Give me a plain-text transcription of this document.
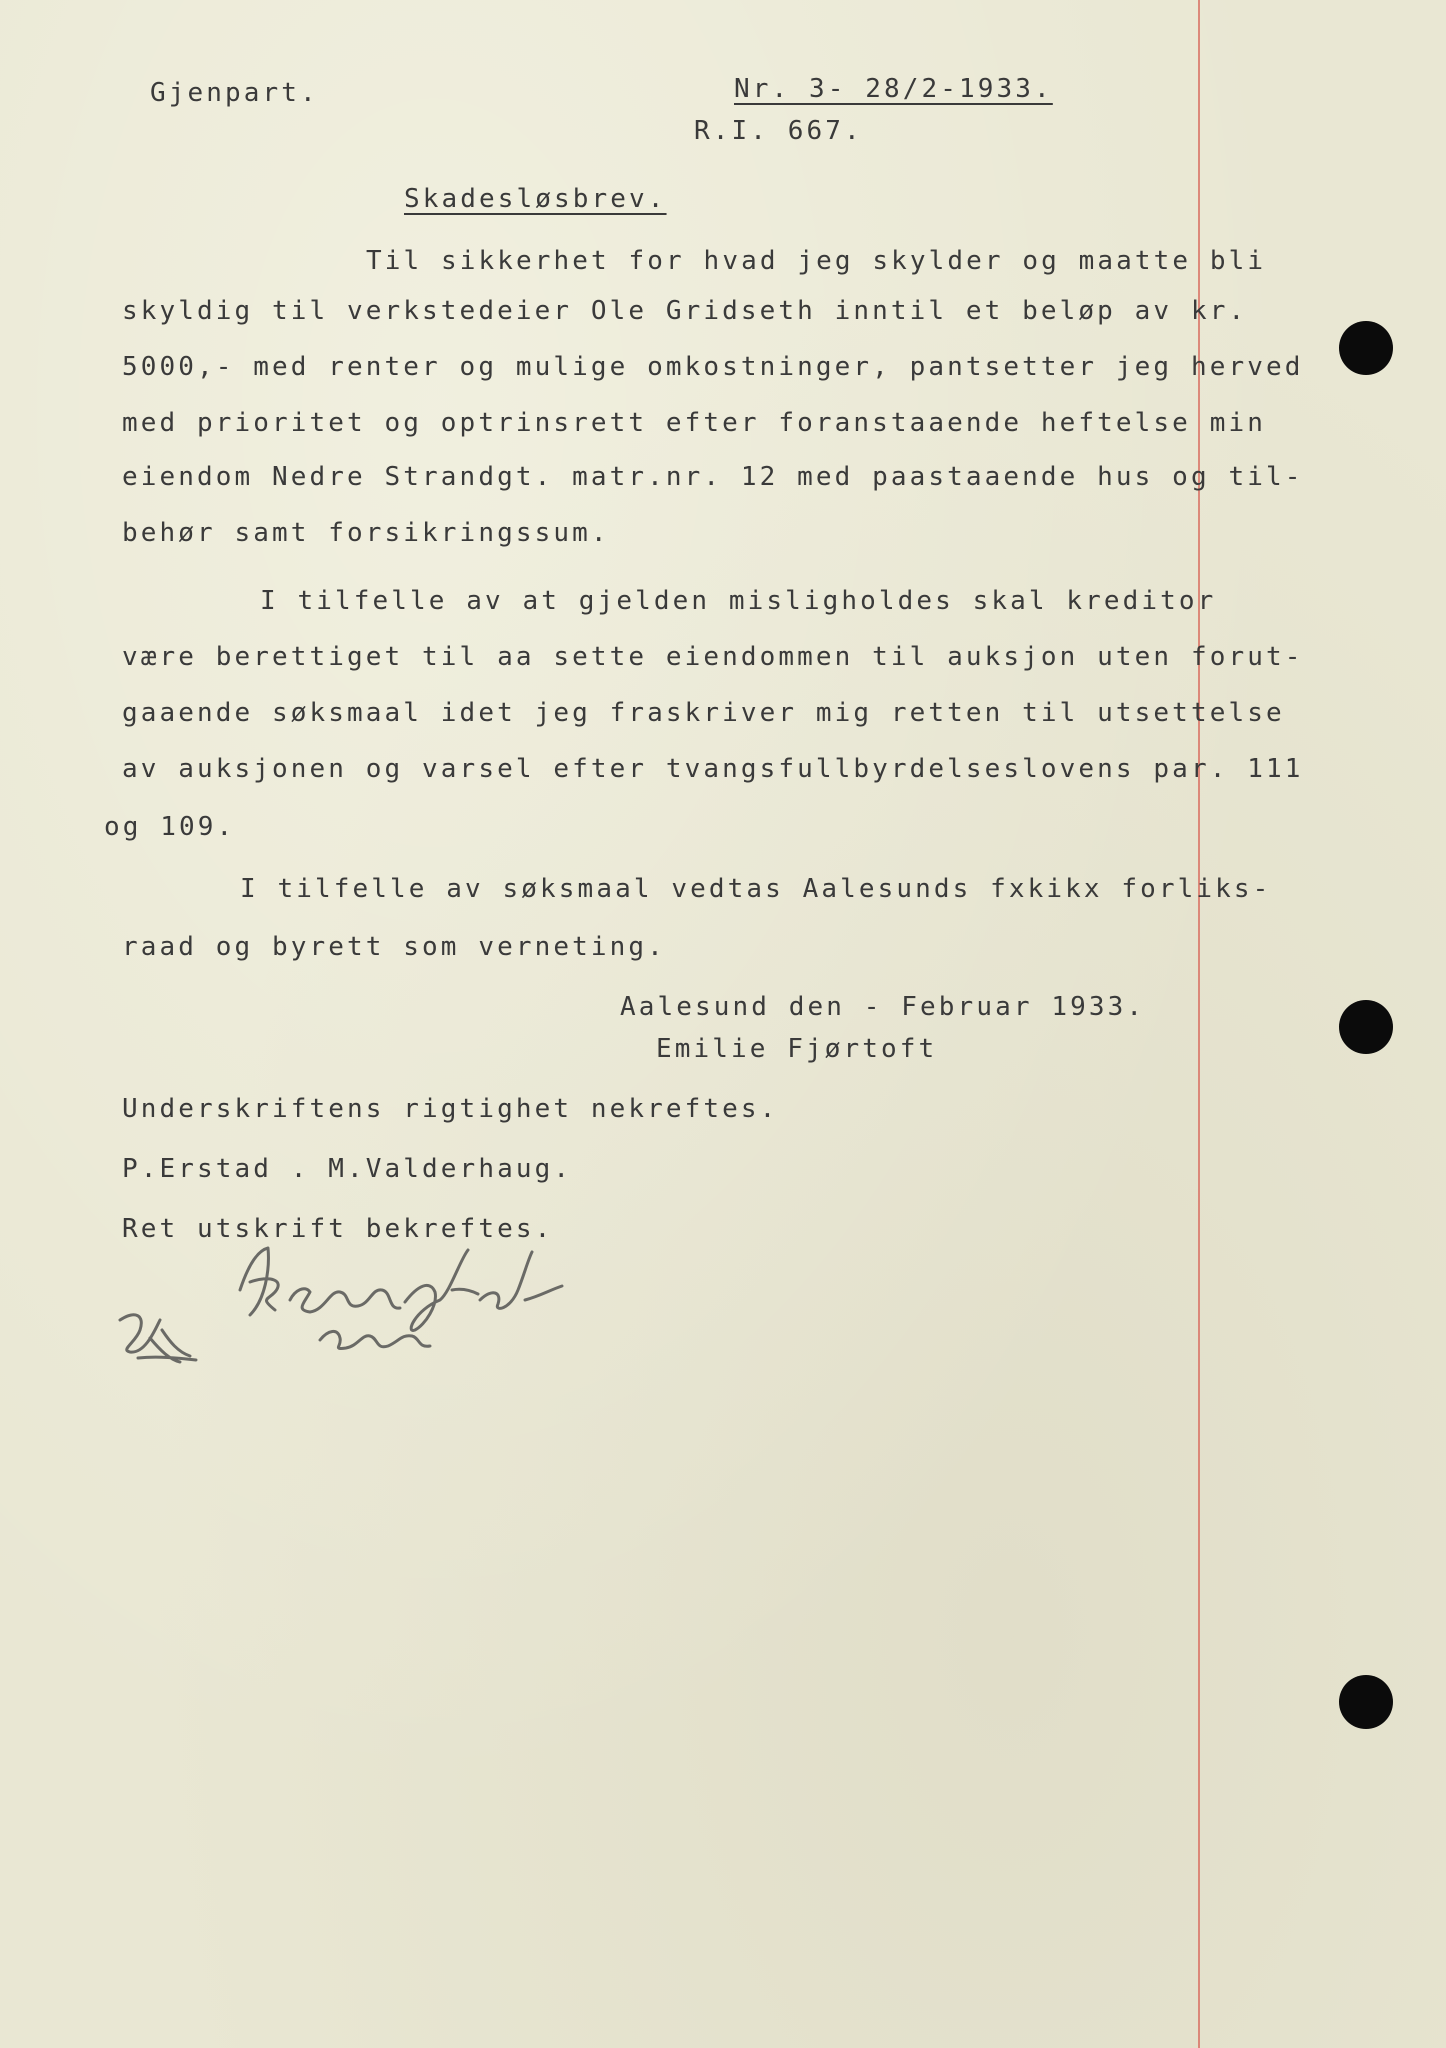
Gjenpart.	Nr. 3- 28/2-1933.
R.I. 667.
Skadesløsbrev.
Til sikkerhet for hvad jeg skylder og maatte bli
skyldig til verkstedeier Ole Gridseth inntil et beløp av kr.
5000,- med renter og mulige omkostninger, pantsetter jeg herved
med prioritet og optrinsrett efter foranstaaende heftelse min
eiendom Nedre Strandgt. matr.nr. 12 med paastaaende hus og til-
behør samt forsikringssum.
I tilfelle av at gjelden misligholdes skal kreditor
være berettiget til aa sette eiendommen til auksjon uten forut-
gaaende søksmaal idet jeg fraskriver mig retten til utsettelse
av auksjonen og varsel efter tvangsfullbyrdelseslovens par. 111
og 109.
I tilfelle av søksmaal vedtas Aalesunds fxkikx forliks-
raad og byrett som verneting.
Aalesund den - Februar 1933.
Emilie Fjørtoft
Underskriftens rigtighet nekreftes.
P.Erstad . M.Valderhaug.
Ret utskrift bekreftes.
